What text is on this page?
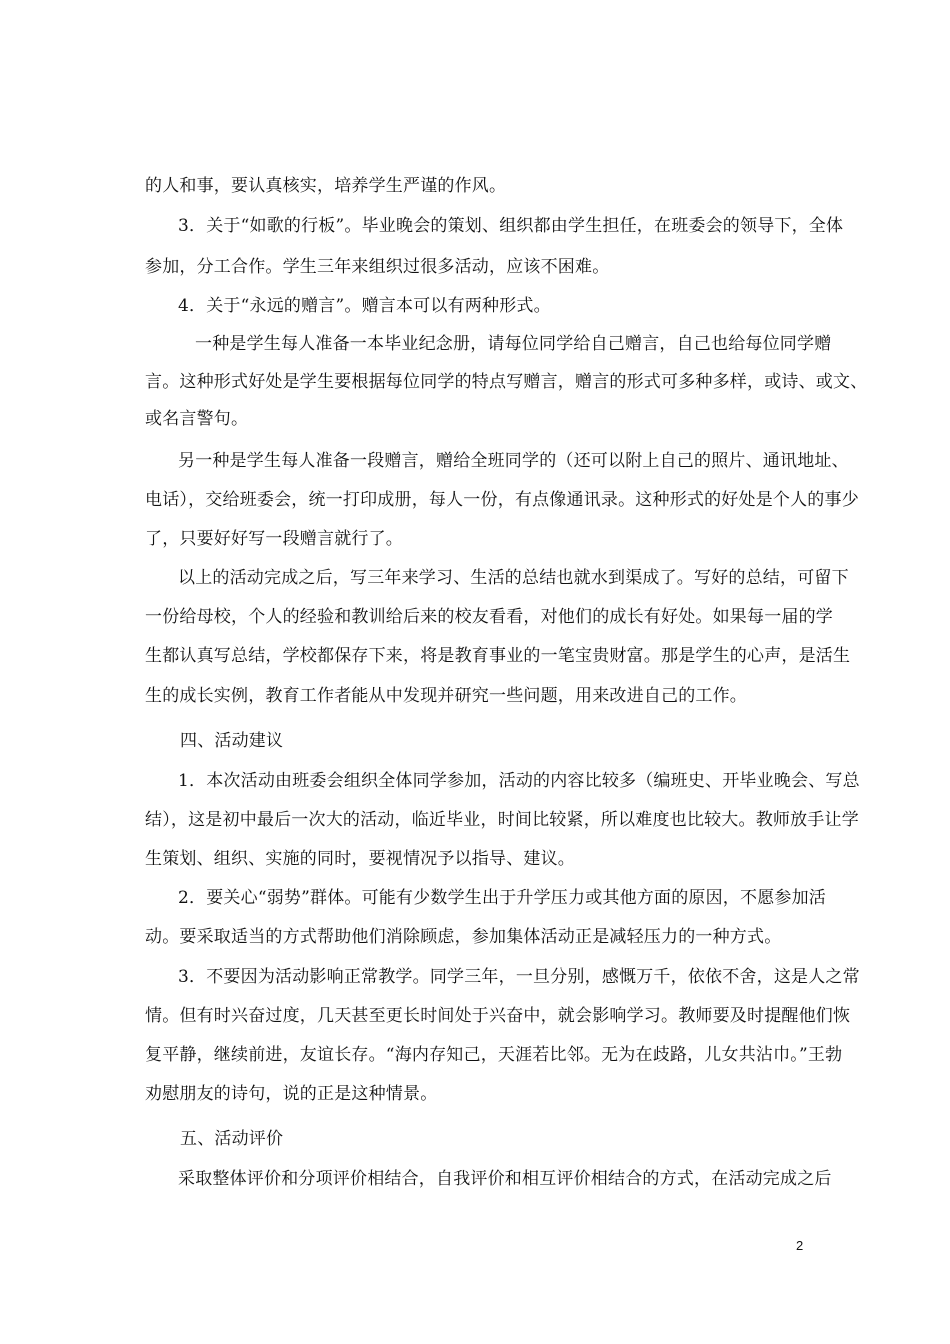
的人和事，要认真核实，培养学生严谨的作风。
3．关于“如歌的行板”。毕业晚会的策划、组织都由学生担任，在班委会的领导下，全体
参加，分工合作。学生三年来组织过很多活动，应该不困难。
4．关于“永远的赠言”。赠言本可以有两种形式。
一种是学生每人准备一本毕业纪念册，请每位同学给自己赠言，自己也给每位同学赠
言。这种形式好处是学生要根据每位同学的特点写赠言，赠言的形式可多种多样，或诗、或文、
或名言警句。
另一种是学生每人准备一段赠言，赠给全班同学的（还可以附上自己的照片、通讯地址、
电话），交给班委会，统一打印成册，每人一份，有点像通讯录。这种形式的好处是个人的事少
了，只要好好写一段赠言就行了。
以上的活动完成之后，写三年来学习、生活的总结也就水到渠成了。写好的总结，可留下
一份给母校，个人的经验和教训给后来的校友看看，对他们的成长有好处。如果每一届的学
生都认真写总结，学校都保存下来，将是教育事业的一笔宝贵财富。那是学生的心声，是活生
生的成长实例，教育工作者能从中发现并研究一些问题，用来改进自己的工作。
四、活动建议
1．本次活动由班委会组织全体同学参加，活动的内容比较多（编班史、开毕业晚会、写总
结），这是初中最后一次大的活动，临近毕业，时间比较紧，所以难度也比较大。教师放手让学
生策划、组织、实施的同时，要视情况予以指导、建议。
2．要关心“弱势”群体。可能有少数学生出于升学压力或其他方面的原因，不愿参加活
动。要采取适当的方式帮助他们消除顾虑，参加集体活动正是减轻压力的一种方式。
3．不要因为活动影响正常教学。同学三年，一旦分别，感慨万千，依依不舍，这是人之常
情。但有时兴奋过度，几天甚至更长时间处于兴奋中，就会影响学习。教师要及时提醒他们恢
复平静，继续前进，友谊长存。“海内存知己，天涯若比邻。无为在歧路，儿女共沾巾。”王勃
劝慰朋友的诗句，说的正是这种情景。
五、活动评价
采取整体评价和分项评价相结合，自我评价和相互评价相结合的方式，在活动完成之后
2
